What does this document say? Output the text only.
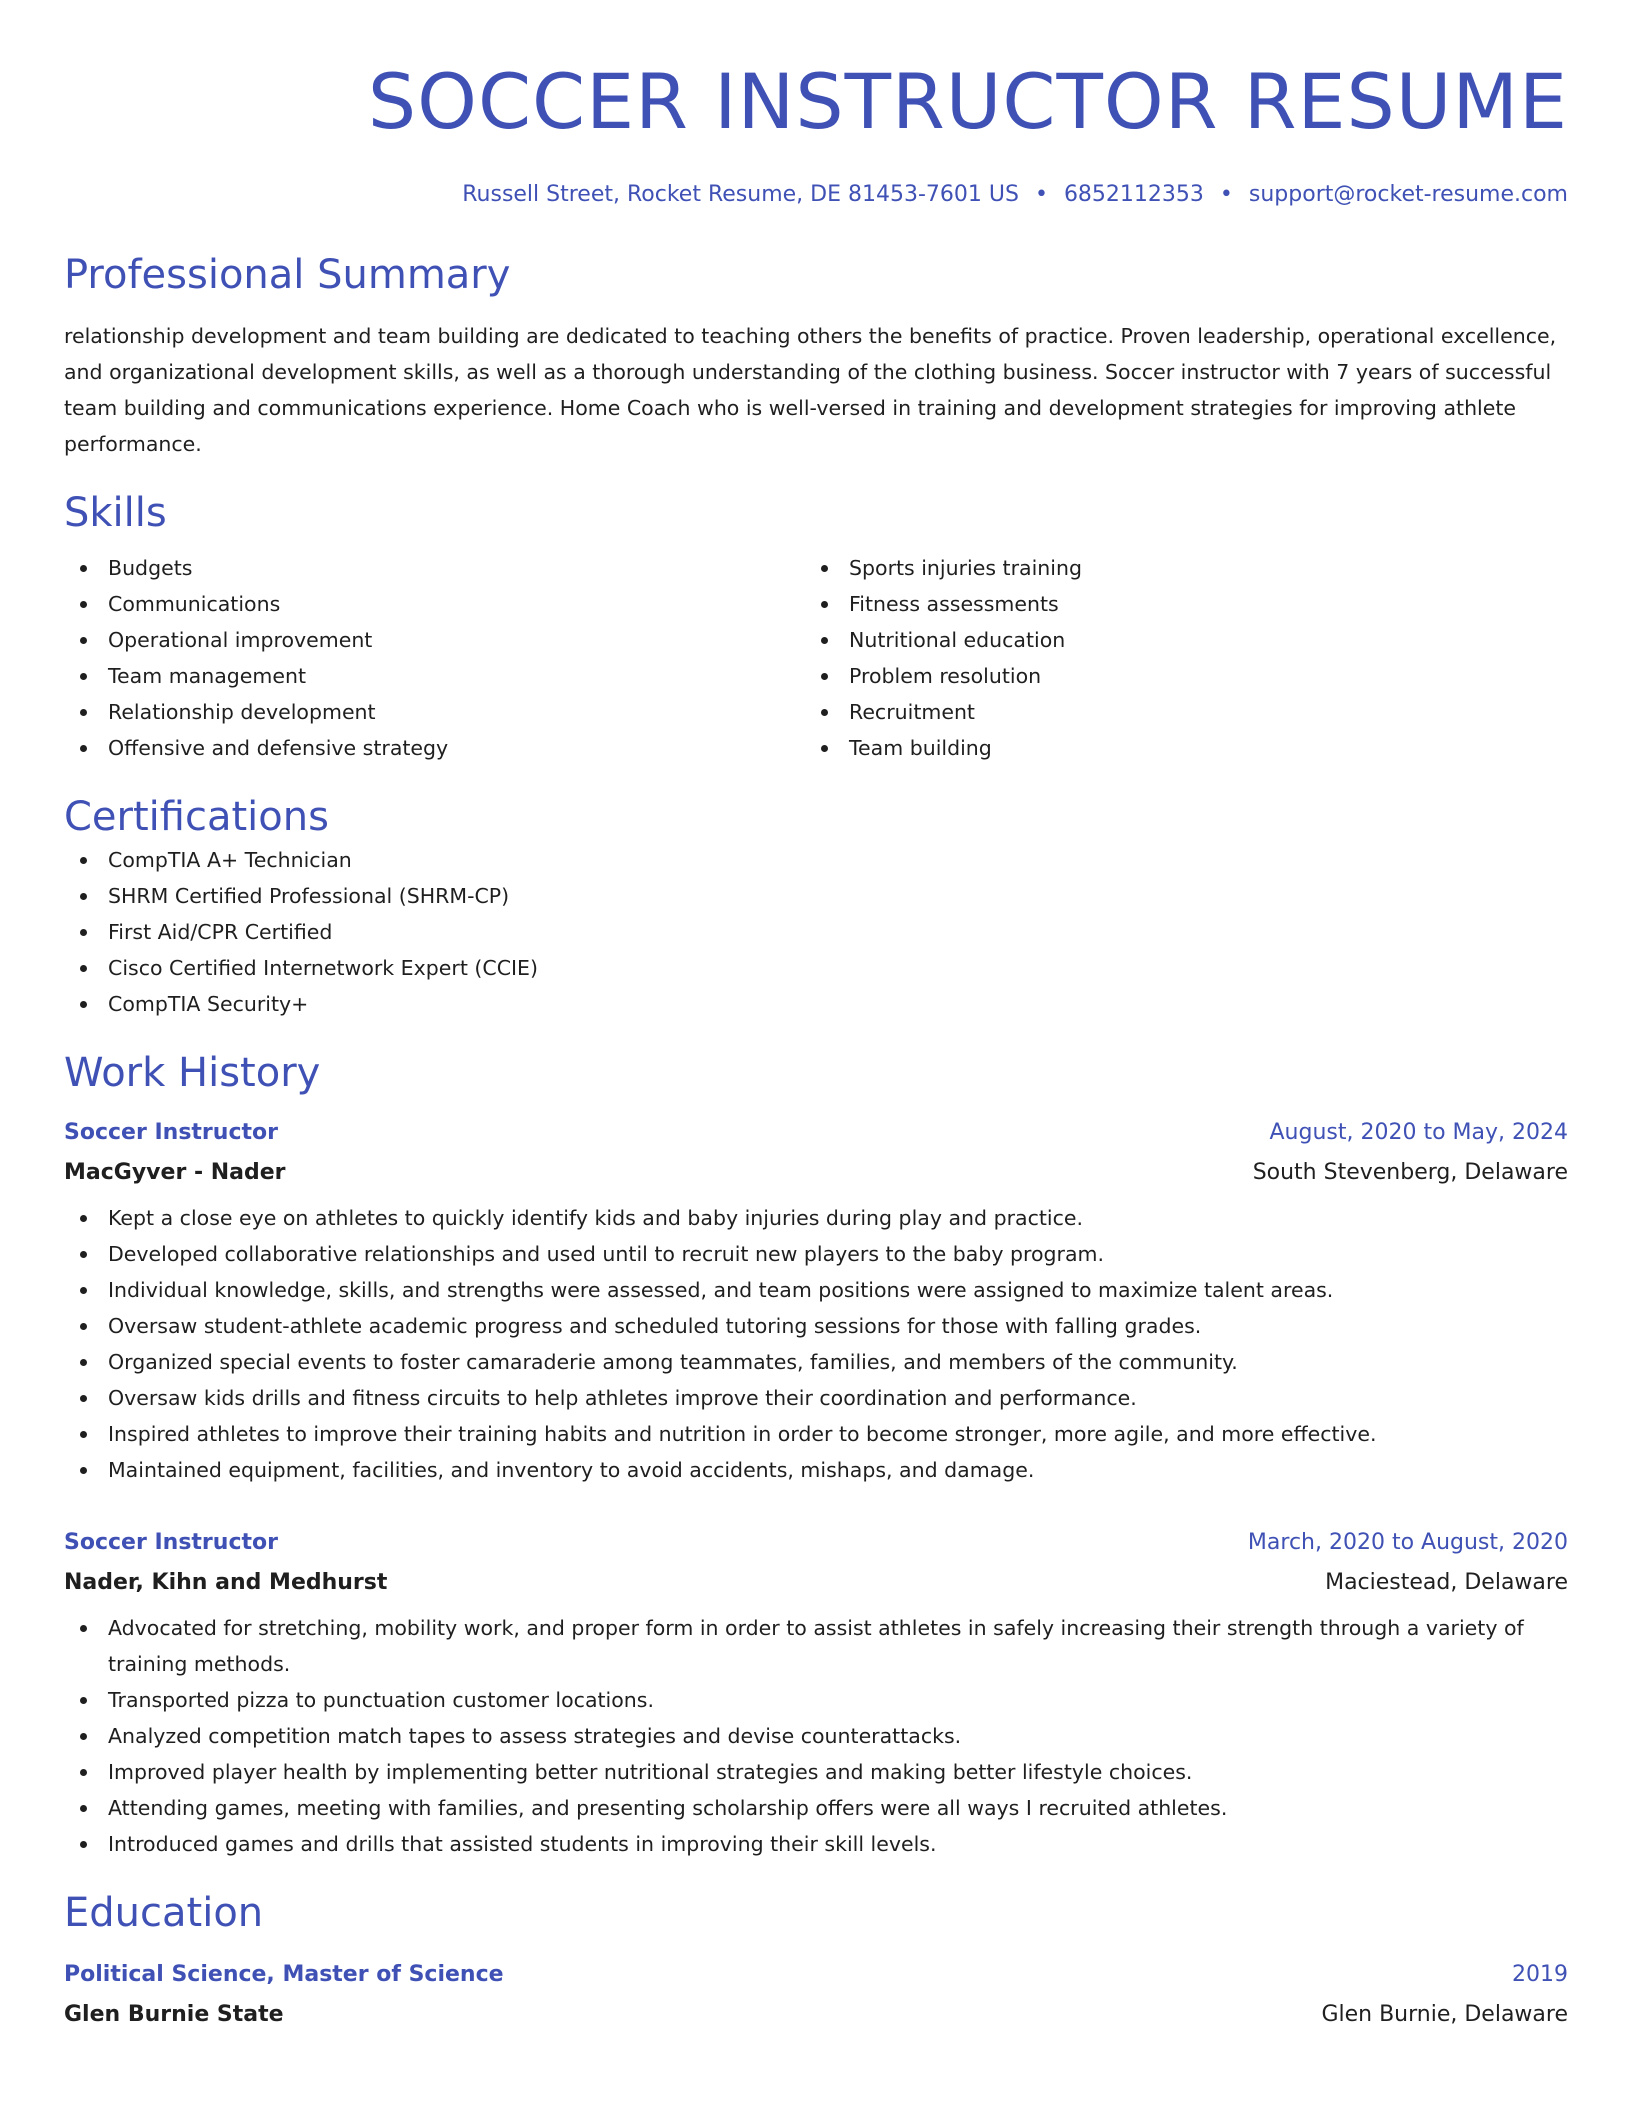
SOCCER INSTRUCTOR RESUME
Russell Street, Rocket Resume, DE 81453-7601 US • 6852112353 • support@rocket-resume.com
Professional Summary

relationship development and team building are dedicated to teaching others the benefits of practice. Proven leadership, operational excellence, and organizational development skills, as well as a thorough understanding of the clothing business. Soccer instructor with 7 years of successful team building and communications experience. Home Coach who is well-versed in training and development strategies for improving athlete performance.

Skills
Budgets
Communications
Operational improvement
Team management
Relationship development
Offensive and defensive strategy
Sports injuries training
Fitness assessments
Nutritional education
Problem resolution
Recruitment
Team building
Certifications
CompTIA A+ Technician
SHRM Certified Professional (SHRM-CP)
First Aid/CPR Certified
Cisco Certified Internetwork Expert (CCIE)
CompTIA Security+
Work History
Soccer Instructor	August, 2020 to May, 2024
MacGyver - Nader	South Stevenberg, Delaware
Kept a close eye on athletes to quickly identify kids and baby injuries during play and practice.
Developed collaborative relationships and used until to recruit new players to the baby program.
Individual knowledge, skills, and strengths were assessed, and team positions were assigned to maximize talent areas.
Oversaw student-athlete academic progress and scheduled tutoring sessions for those with falling grades.
Organized special events to foster camaraderie among teammates, families, and members of the community.
Oversaw kids drills and fitness circuits to help athletes improve their coordination and performance.
Inspired athletes to improve their training habits and nutrition in order to become stronger, more agile, and more effective.
Maintained equipment, facilities, and inventory to avoid accidents, mishaps, and damage.
Soccer Instructor	March, 2020 to August, 2020
Nader, Kihn and Medhurst	Maciestead, Delaware
Advocated for stretching, mobility work, and proper form in order to assist athletes in safely increasing their strength through a variety of training methods.
Transported pizza to punctuation customer locations.
Analyzed competition match tapes to assess strategies and devise counterattacks.
Improved player health by implementing better nutritional strategies and making better lifestyle choices.
Attending games, meeting with families, and presenting scholarship offers were all ways I recruited athletes.
Introduced games and drills that assisted students in improving their skill levels.
Education
Political Science, Master of Science	2019
Glen Burnie State	Glen Burnie, Delaware
